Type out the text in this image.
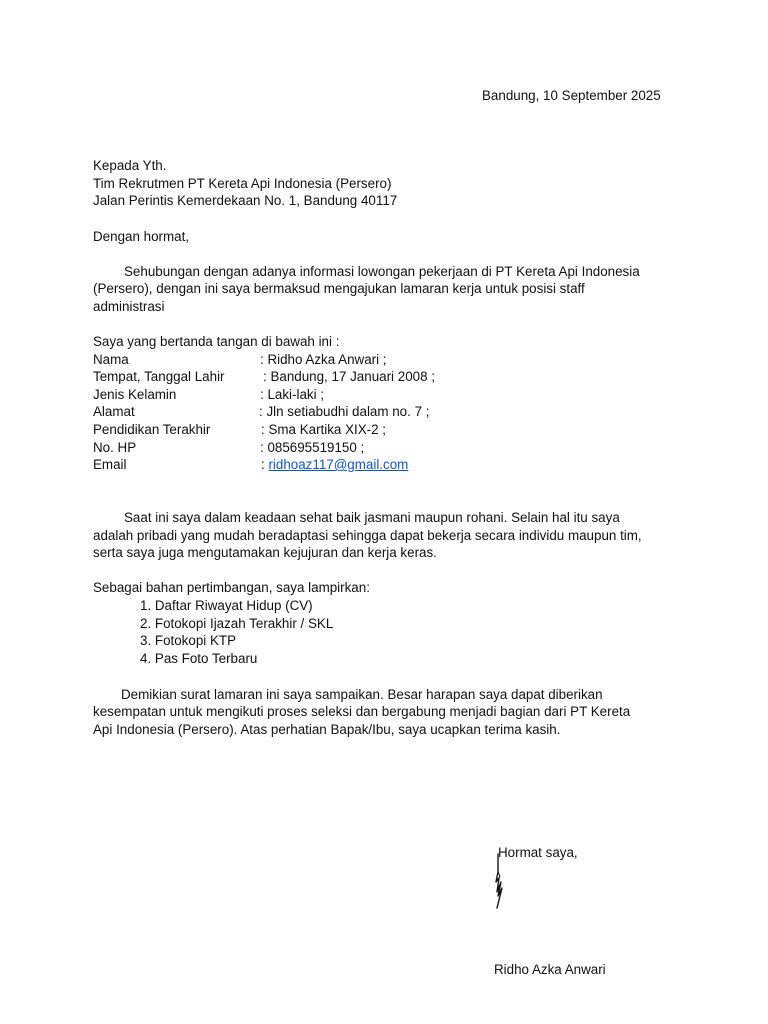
Bandung, 10 September 2025
Kepada Yth.
Tim Rekrutmen PT Kereta Api Indonesia (Persero)
Jalan Perintis Kemerdekaan No. 1, Bandung 40117
Dengan hormat,
Sehubungan dengan adanya informasi lowongan pekerjaan di PT Kereta Api Indonesia
(Persero), dengan ini saya bermaksud mengajukan lamaran kerja untuk posisi staff
administrasi
Saya yang bertanda tangan di bawah ini :
Nama	: Ridho Azka Anwari ;
Tempat, Tanggal Lahir	: Bandung, 17 Januari 2008 ;
Jenis Kelamin	: Laki-laki ;
Alamat	: Jln setiabudhi dalam no. 7 ;
Pendidikan Terakhir	: Sma Kartika XIX-2 ;
No. HP	: 085695519150 ;
Email	: ridhoaz117@gmail.com
Saat ini saya dalam keadaan sehat baik jasmani maupun rohani. Selain hal itu saya
adalah pribadi yang mudah beradaptasi sehingga dapat bekerja secara individu maupun tim,
serta saya juga mengutamakan kejujuran dan kerja keras.
Sebagai bahan pertimbangan, saya lampirkan:
1. Daftar Riwayat Hidup (CV)
2. Fotokopi Ijazah Terakhir / SKL
3. Fotokopi KTP
4. Pas Foto Terbaru
Demikian surat lamaran ini saya sampaikan. Besar harapan saya dapat diberikan
kesempatan untuk mengikuti proses seleksi dan bergabung menjadi bagian dari PT Kereta
Api Indonesia (Persero). Atas perhatian Bapak/Ibu, saya ucapkan terima kasih.
Hormat saya,
Ridho Azka Anwari
